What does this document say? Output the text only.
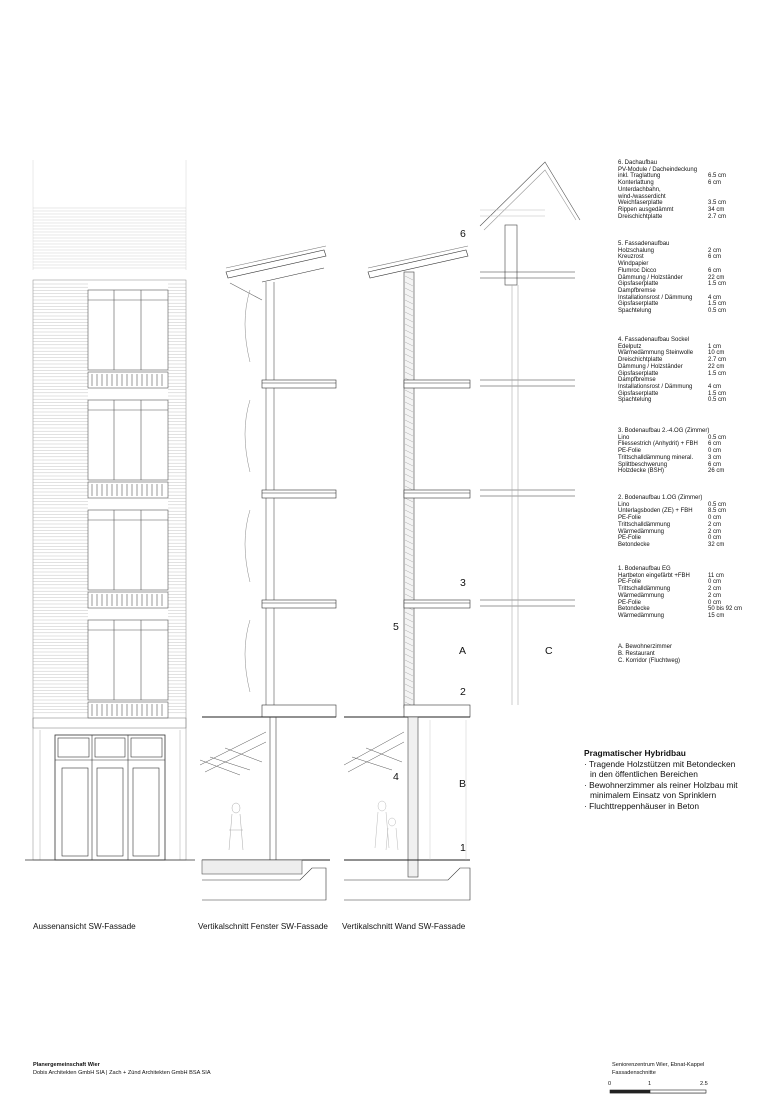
6. Dachaufbau
PV-Module / Dacheindeckung
inkl. Traglattung	6.5 cm
Konterlattung	6 cm
Unterdachbahn,
wind-/wasserdicht
Weichfaserplatte	3.5 cm
Rippen ausgedämmt	34 cm
Dreischichtplatte	2.7 cm
5. Fassadenaufbau
Holzschalung	2 cm
Kreuzrost	6 cm
Windpapier
Flumroc Dicco	6 cm
Dämmung / Holzständer	22 cm
Gipsfaserplatte	1.5 cm
Dampfbremse
Installationsrost / Dämmung	4 cm
Gipsfaserplatte	1.5 cm
Spachtelung	0.5 cm
4. Fassadenaufbau Sockel
Edelputz	1 cm
Wärmedämmung Steinwolle 10 cm
Dreischichtplatte	2.7 cm
Dämmung / Holzständer	22 cm
Gipsfaserplatte	1.5 cm
Dampfbremse
Installationsrost / Dämmung	4 cm
Gipsfaserplatte	1.5 cm
Spachtelung	0.5 cm
3. Bodenaufbau 2.-4.OG (Zimmer)
Lino	0.5 cm
Fliessestrich (Anhydrit) + FBH 6 cm
PE-Folie	0 cm
Trittschalldämmung mineral. 3 cm
Splittbeschwerung	6 cm
Holzdecke (BSH)	26 cm
2. Bodenaufbau 1.OG (Zimmer)
Lino	0.5 cm
Unterlagsboden (ZE) + FBH	8.5 cm
PE-Folie	0 cm
Trittschalldämmung	2 cm
Wärmedämmung	2 cm
PE-Folie	0 cm
Betondecke	32 cm
1. Bodenaufbau EG
Hartbeton eingefärbt +FBH	11 cm
PE-Folie	0 cm
Trittschalldämmung	2 cm
Wärmedämmung	2 cm
PE-Folie	0 cm
Betondecke	50 bis 92 cm
Wärmedämmung	15 cm
6
3
2
1
5
4
A
B
C	A. Bewohnerzimmer
B. Restaurant
C. Korridor (Fluchtweg)
Pragmatischer Hybridbau
· Tragende Holzstützen mit Betondecken
in den öffentlichen Bereichen
· Bewohnerzimmer als reiner Holzbau mit
minimalem Einsatz von Sprinklern
· Fluchttreppenhäuser in Beton
Aussenansicht SW-Fassade	Vertikalschnitt Fenster SW-Fassade Vertikalschnitt Wand SW-Fassade
Planergemeinschaft Wier
Dobis Architekten GmbH SIA | Zach + Zünd Architekten GmbH BSA SIA
Seniorenzentrum Wier, Ebnat-Kappel
Fassadenschnitte
0	1	2.5
